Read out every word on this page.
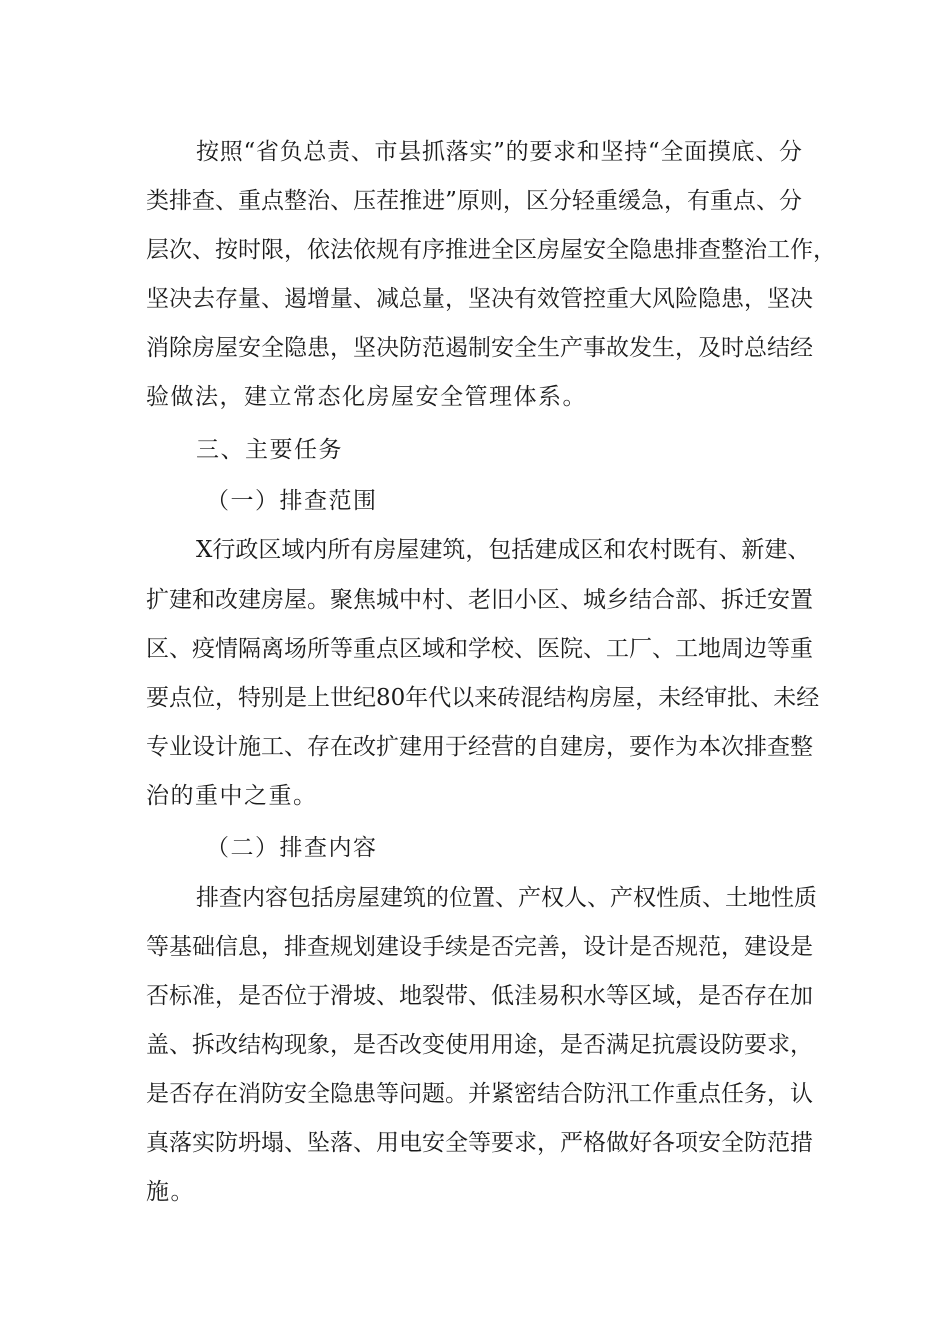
按照“省负总责、市县抓落实”的要求和坚持“全面摸底、分

类排查、重点整治、压茬推进”原则，区分轻重缓急，有重点、分

层次、按时限，依法依规有序推进全区房屋安全隐患排查整治工作，

坚决去存量、遏增量、减总量，坚决有效管控重大风险隐患，坚决

消除房屋安全隐患，坚决防范遏制安全生产事故发生，及时总结经

验做法，建立常态化房屋安全管理体系。

三、主要任务

（一）排查范围

X行政区域内所有房屋建筑，包括建成区和农村既有、新建、

扩建和改建房屋。聚焦城中村、老旧小区、城乡结合部、拆迁安置

区、疫情隔离场所等重点区域和学校、医院、工厂、工地周边等重

要点位，特别是上世纪80年代以来砖混结构房屋，未经审批、未经

专业设计施工、存在改扩建用于经营的自建房，要作为本次排查整

治的重中之重。

（二）排查内容

排查内容包括房屋建筑的位置、产权人、产权性质、土地性质

等基础信息，排查规划建设手续是否完善，设计是否规范，建设是

否标准，是否位于滑坡、地裂带、低洼易积水等区域，是否存在加

盖、拆改结构现象，是否改变使用用途，是否满足抗震设防要求，

是否存在消防安全隐患等问题。并紧密结合防汛工作重点任务，认

真落实防坍塌、坠落、用电安全等要求，严格做好各项安全防范措

施。
